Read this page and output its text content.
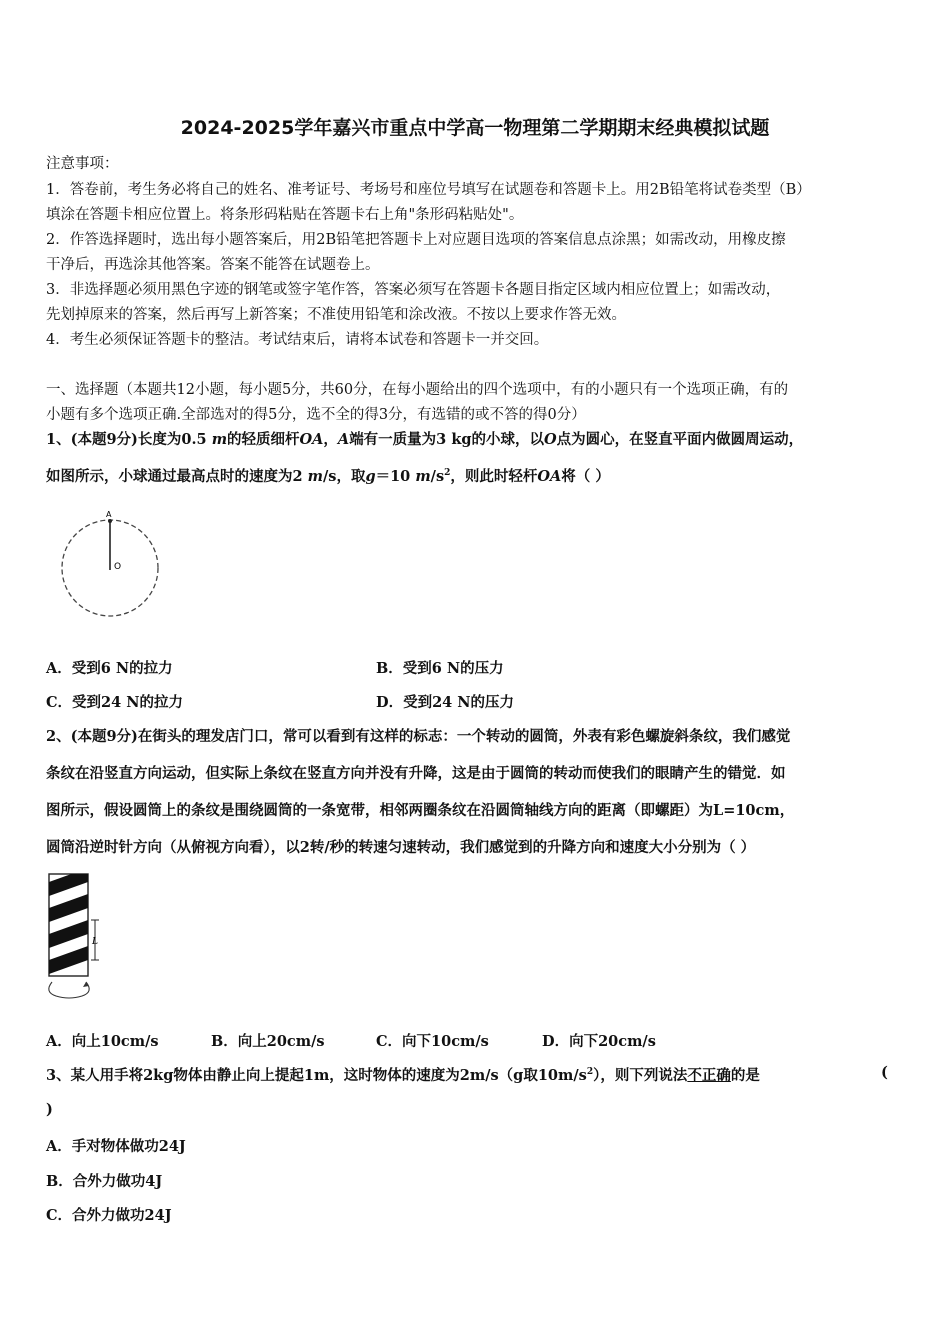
2024-2025学年嘉兴市重点中学高一物理第二学期期末经典模拟试题
注意事项：
1．答卷前，考生务必将自己的姓名、准考证号、考场号和座位号填写在试题卷和答题卡上。用2B铅笔将试卷类型（B）
填涂在答题卡相应位置上。将条形码粘贴在答题卡右上角"条形码粘贴处"。
2．作答选择题时，选出每小题答案后，用2B铅笔把答题卡上对应题目选项的答案信息点涂黑；如需改动，用橡皮擦
干净后，再选涂其他答案。答案不能答在试题卷上。
3．非选择题必须用黑色字迹的钢笔或签字笔作答，答案必须写在答题卡各题目指定区域内相应位置上；如需改动，
先划掉原来的答案，然后再写上新答案；不准使用铅笔和涂改液。不按以上要求作答无效。
4．考生必须保证答题卡的整洁。考试结束后，请将本试卷和答题卡一并交回。
一、选择题（本题共12小题，每小题5分，共60分，在每小题给出的四个选项中，有的小题只有一个选项正确，有的
小题有多个选项正确.全部选对的得5分，选不全的得3分，有选错的或不答的得0分）
1、(本题9分)长度为0.5 m的轻质细杆OA，A端有一质量为3 kg的小球，以O点为圆心，在竖直平面内做圆周运动，
如图所示，小球通过最高点时的速度为2 m/s，取g＝10 $m/s^2$，则此时轻杆OA将（ ）
A
O
A．受到6 N的拉力	B．受到6 N的压力
C．受到24 N的拉力	D．受到24 N的压力
2、(本题9分)在街头的理发店门口，常可以看到有这样的标志：一个转动的圆筒，外表有彩色螺旋斜条纹，我们感觉
条纹在沿竖直方向运动，但实际上条纹在竖直方向并没有升降，这是由于圆筒的转动而使我们的眼睛产生的错觉．如
图所示，假设圆筒上的条纹是围绕圆筒的一条宽带，相邻两圈条纹在沿圆筒轴线方向的距离（即螺距）为L=10cm，
圆筒沿逆时针方向（从俯视方向看），以2转/秒的转速匀速转动，我们感觉到的升降方向和速度大小分别为（ ）
L
A．向上10cm/s	B．向上20cm/s	C．向下10cm/s	D．向下20cm/s
3、某人用手将2kg物体由静止向上提起1m，这时物体的速度为2m/s（g取$10m/s^2$），则下列说法不正确的是	(
)
A．手对物体做功24J
B．合外力做功4J
C．合外力做功24J
